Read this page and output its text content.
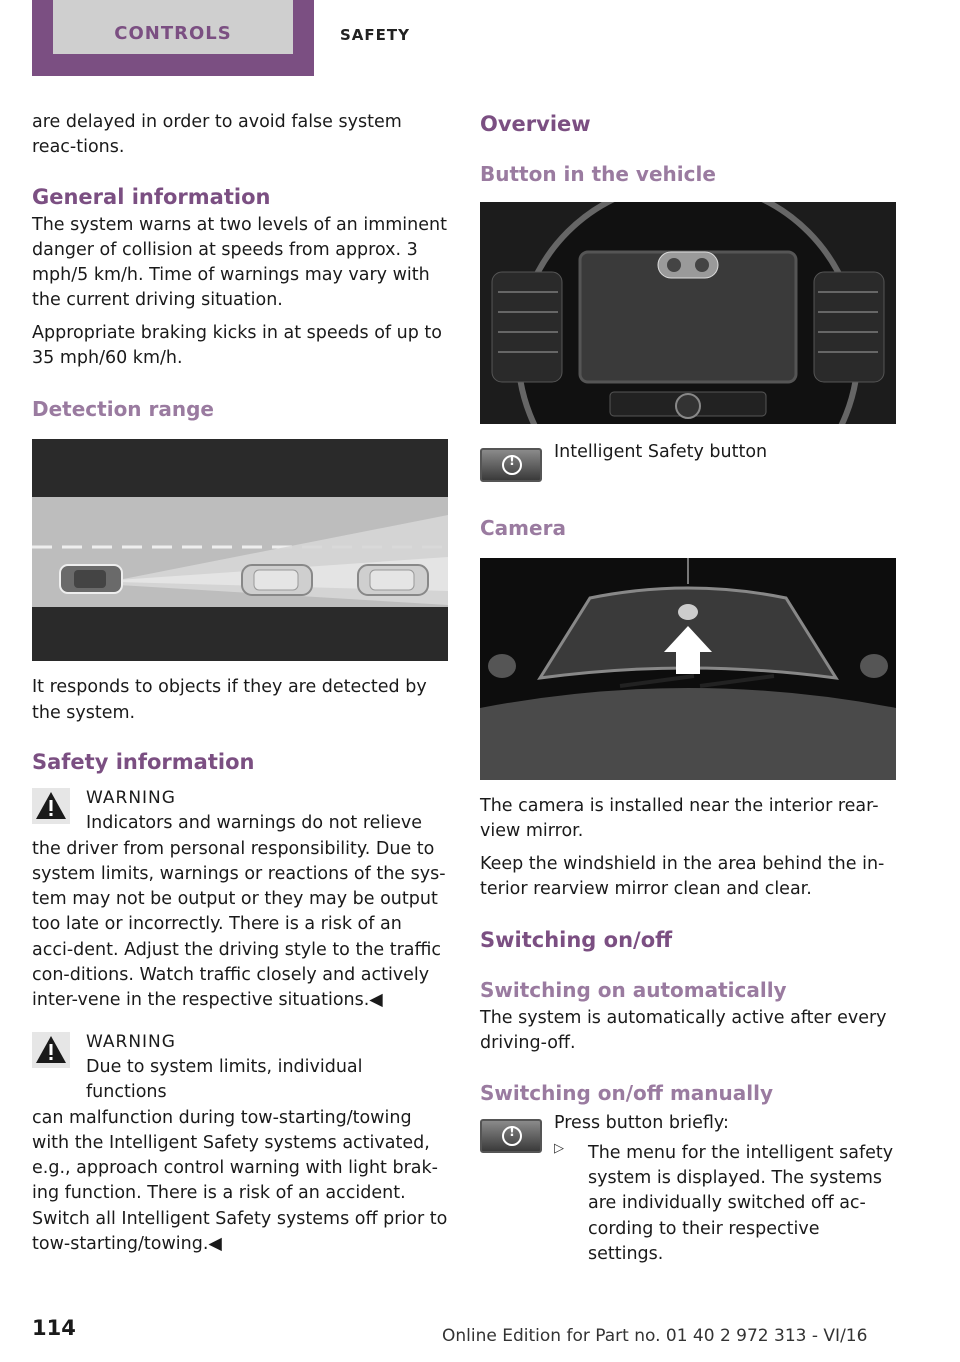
CONTROLS	SAFETY

are delayed in order to avoid false system reac-tions.

General information

The system warns at two levels of an imminent danger of collision at speeds from approx. 3 mph/5 km/h. Time of warnings may vary with the current driving situation.

Appropriate braking kicks in at speeds of up to 35 mph/60 km/h.

Detection range

It responds to objects if they are detected by the system.

Safety information

WARNING

Indicators and warnings do not relieve

the driver from personal responsibility. Due to system limits, warnings or reactions of the sys-tem may not be output or they may be output too late or incorrectly. There is a risk of an acci-dent. Adjust the driving style to the traffic con-ditions. Watch traffic closely and actively inter-vene in the respective situations.◀

WARNING

Due to system limits, individual functions

can malfunction during tow-starting/towing with the Intelligent Safety systems activated, e.g., approach control warning with light brak-ing function. There is a risk of an accident. Switch all Intelligent Safety systems off prior to tow-starting/towing.◀

Overview
Button in the vehicle
!

Intelligent Safety button

Camera

The camera is installed near the interior rear-view mirror.

Keep the windshield in the area behind the in-terior rearview mirror clean and clear.

Switching on/off
Switching on automatically

The system is automatically active after every driving-off.

Switching on/off manually
!

Press button briefly:

▷	The menu for the intelligent safety system is displayed. The systems are individually switched off ac-cording to their respective settings.

114	Online Edition for Part no. 01 40 2 972 313 - VI/16
